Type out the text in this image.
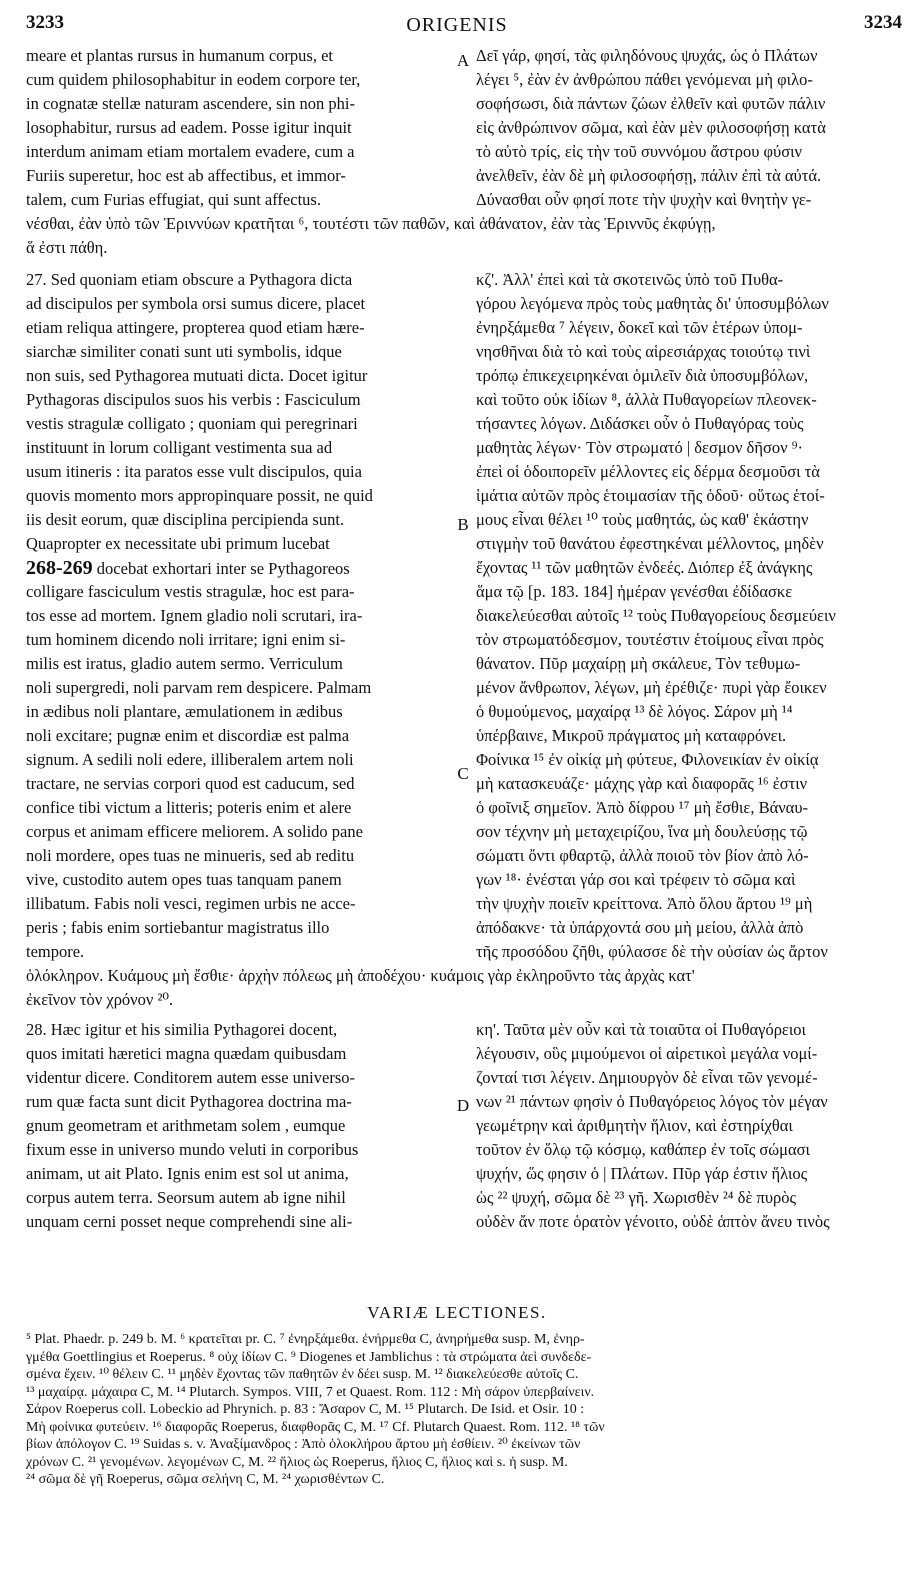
3233	ORIGENIS	3234
meare et plantas rursus in humanum corpus, et
cum quidem philosophabitur in eodem corpore ter,
in cognatæ stellæ naturam ascendere, sin non phi-
losophabitur, rursus ad eadem. Posse igitur inquit
interdum animam etiam mortalem evadere, cum a
Furiis superetur, hoc est ab affectibus, et immor-
talem, cum Furias effugiat, qui sunt affectus.
Δεῖ γάρ, φησί, τὰς φιληδόνους ψυχάς, ὡς ὁ Πλάτων
λέγει ⁵, ἐὰν ἐν ἀνθρώπου πάθει γενόμεναι μὴ φιλο-
σοφήσωσι, διὰ πάντων ζώων ἐλθεῖν καὶ φυτῶν πάλιν
εἰς ἀνθρώπινον σῶμα, καὶ ἐὰν μὲν φιλοσοφήσῃ κατὰ
τὸ αὐτὸ τρίς, εἰς τὴν τοῦ συννόμου ἄστρου φύσιν
ἀνελθεῖν, ἐὰν δὲ μὴ φιλοσοφήσῃ, πάλιν ἐπὶ τὰ αὐτά.
Δύνασθαι οὖν φησί ποτε τὴν ψυχὴν καὶ θνητὴν γε-
νέσθαι, ἐὰν ὑπὸ τῶν Ἐριννύων κρατῆται ⁶, τουτέστι τῶν παθῶν, καὶ ἀθάνατον, ἐὰν τὰς Ἐριννῦς ἐκφύγῃ,
ἅ ἐστι πάθη.
27. Sed quoniam etiam obscure a Pythagora dicta
ad discipulos per symbola orsi sumus dicere, placet
etiam reliqua attingere, propterea quod etiam hære-
siarchæ similiter conati sunt uti symbolis, idque
non suis, sed Pythagorea mutuati dicta. Docet igitur
Pythagoras discipulos suos his verbis : Fasciculum
vestis stragulæ colligato ; quoniam qui peregrinari
instituunt in lorum colligant vestimenta sua ad
usum itineris : ita paratos esse vult discipulos, quia
quovis momento mors appropinquare possit, ne quid
iis desit eorum, quæ disciplina percipienda sunt.
Quapropter ex necessitate ubi primum lucebat
268-269 docebat exhortari inter se Pythagoreos
colligare fasciculum vestis stragulæ, hoc est para-
tos esse ad mortem. Ignem gladio noli scrutari, ira-
tum hominem dicendo noli irritare; igni enim si-
milis est iratus, gladio autem sermo. Verriculum
noli supergredi, noli parvam rem despicere. Palmam
in ædibus noli plantare, æmulationem in ædibus
noli excitare; pugnæ enim et discordiæ est palma
signum. A sedili noli edere, illiberalem artem noli
tractare, ne servias corpori quod est caducum, sed
confice tibi victum a litteris; poteris enim et alere
corpus et animam efficere meliorem. A solido pane
noli mordere, opes tuas ne minueris, sed ab reditu
vive, custodito autem opes tuas tanquam panem
illibatum. Fabis noli vesci, regimen urbis ne acce-
peris ; fabis enim sortiebantur magistratus illo
tempore.
κζ'. Ἀλλ' ἐπεὶ καὶ τὰ σκοτεινῶς ὑπὸ τοῦ Πυθα-
γόρου λεγόμενα πρὸς τοὺς μαθητὰς δι' ὑποσυμβόλων
ἐνηρξάμεθα ⁷ λέγειν, δοκεῖ καὶ τῶν ἑτέρων ὑπομ-
νησθῆναι διὰ τὸ καὶ τοὺς αἱρεσιάρχας τοιούτῳ τινὶ
τρόπῳ ἐπικεχειρηκέναι ὁμιλεῖν διὰ ὑποσυμβόλων,
καὶ τοῦτο οὐκ ἰδίων ⁸, ἀλλὰ Πυθαγορείων πλεονεκ-
τήσαντες λόγων. Διδάσκει οὖν ὁ Πυθαγόρας τοὺς
μαθητὰς λέγων· Τὸν στρωματό | δεσμον δῆσον ⁹·
ἐπεὶ οἱ ὁδοιπορεῖν μέλλοντες εἰς δέρμα δεσμοῦσι τὰ
ἱμάτια αὐτῶν πρὸς ἑτοιμασίαν τῆς ὁδοῦ· οὕτως ἑτοί-
μους εἶναι θέλει ¹⁰ τοὺς μαθητάς, ὡς καθ' ἑκάστην
στιγμὴν τοῦ θανάτου ἐφεστηκέναι μέλλοντος, μηδὲν
ἔχοντας ¹¹ τῶν μαθητῶν ἐνδεές. Διόπερ ἐξ ἀνάγκης
ἅμα τῷ [p. 183. 184] ἡμέραν γενέσθαι ἐδίδασκε
διακελεύεσθαι αὐτοῖς ¹² τοὺς Πυθαγορείους δεσμεύειν
τὸν στρωματόδεσμον, τουτέστιν ἑτοίμους εἶναι πρὸς
θάνατον. Πῦρ μαχαίρῃ μὴ σκάλευε, Τὸν τεθυμω-
μένον ἄνθρωπον, λέγων, μὴ ἐρέθιζε· πυρὶ γὰρ ἔοικεν
ὁ θυμούμενος, μαχαίρᾳ ¹³ δὲ λόγος. Σάρον μὴ ¹⁴
ὑπέρβαινε, Μικροῦ πράγματος μὴ καταφρόνει.
Φοίνικα ¹⁵ ἐν οἰκίᾳ μὴ φύτευε, Φιλονεικίαν ἐν οἰκίᾳ
μὴ κατασκευάζε· μάχης γὰρ καὶ διαφορᾶς ¹⁶ ἐστιν
ὁ φοῖνιξ σημεῖον. Ἀπὸ δίφρου ¹⁷ μὴ ἔσθιε, Βάναυ-
σον τέχνην μὴ μεταχειρίζου, ἵνα μὴ δουλεύσῃς τῷ
σώματι ὄντι φθαρτῷ, ἀλλὰ ποιοῦ τὸν βίον ἀπὸ λό-
γων ¹⁸· ἐνέσται γάρ σοι καὶ τρέφειν τὸ σῶμα καὶ
τὴν ψυχὴν ποιεῖν κρείττονα. Ἀπὸ ὅλου ἄρτου ¹⁹ μὴ
ἀπόδακνε· τὰ ὑπάρχοντά σου μὴ μείου, ἀλλὰ ἀπὸ
τῆς προσόδου ζῆθι, φύλασσε δὲ τὴν οὐσίαν ὡς ἄρτον
ὁλόκληρον. Κυάμους μὴ ἔσθιε· ἀρχὴν πόλεως μὴ ἀποδέχου· κυάμοις γὰρ ἐκληροῦντο τὰς ἀρχὰς κατ'
ἐκεῖνον τὸν χρόνον ²⁰.
28. Hæc igitur et his similia Pythagorei docent,
quos imitati hæretici magna quædam quibusdam
videntur dicere. Conditorem autem esse universo-
rum quæ facta sunt dicit Pythagorea doctrina ma-
gnum geometram et arithmetam solem , eumque
fixum esse in universo mundo veluti in corporibus
animam, ut ait Plato. Ignis enim est sol ut anima,
corpus autem terra. Seorsum autem ab igne nihil
unquam cerni posset neque comprehendi sine ali-
κη'. Ταῦτα μὲν οὖν καὶ τὰ τοιαῦτα οἱ Πυθαγόρειοι
λέγουσιν, οὓς μιμούμενοι οἱ αἱρετικοὶ μεγάλα νομί-
ζονταί τισι λέγειν. Δημιουργὸν δὲ εἶναι τῶν γενομέ-
νων ²¹ πάντων φησὶν ὁ Πυθαγόρειος λόγος τὸν μέγαν
γεωμέτρην καὶ ἀριθμητὴν ἥλιον, καὶ ἐστηρίχθαι
τοῦτον ἐν ὅλῳ τῷ κόσμῳ, καθάπερ ἐν τοῖς σώμασι
ψυχήν, ὥς φησιν ὁ | Πλάτων. Πῦρ γάρ ἐστιν ἥλιος
ὡς ²² ψυχή, σῶμα δὲ ²³ γῆ. Χωρισθὲν ²⁴ δὲ πυρὸς
οὐδὲν ἄν ποτε ὁρατὸν γένοιτο, οὐδὲ ἁπτὸν ἄνευ τινὸς
A
B
C
D
VARIÆ LECTIONES.
⁵ Plat. Phaedr. p. 249 b. M. ⁶ κρατεῖται pr. C. ⁷ ἐνηρξάμεθα. ἐνήρμεθα C, ἀνηρήμεθα susp. M, ἐνηρ-
γμέθα Goettlingius et Roeperus. ⁸ οὐχ ἰδίων C. ⁹ Diogenes et Jamblichus : τὰ στρώματα ἀεὶ συνδεδε-
σμένα ἔχειν. ¹⁰ θέλειν C. ¹¹ μηδὲν ἔχοντας τῶν παθητῶν ἐν δέει susp. M. ¹² διακελεύεσθε αὐτοῖς C.
¹³ μαχαίρᾳ. μάχαιρα C, M. ¹⁴ Plutarch. Sympos. VIII, 7 et Quaest. Rom. 112 : Μὴ σάρον ὑπερβαίνειν.
Σάρον Roeperus coll. Lobeckio ad Phrynich. p. 83 : Ἄσαρον C, M. ¹⁵ Plutarch. De Isid. et Osir. 10 :
Μὴ φοίνικα φυτεύειν. ¹⁶ διαφορᾶς Roeperus, διαφθορᾶς C, M. ¹⁷ Cf. Plutarch Quaest. Rom. 112. ¹⁸ τῶν
βίων ἀπόλογον C. ¹⁹ Suidas s. v. Ἀναξίμανδρος : Ἀπὸ ὁλοκλήρου ἄρτου μὴ ἐσθίειν. ²⁰ ἐκείνων τῶν
χρόνων C. ²¹ γενομένων. λεγομένων C, M. ²² ἥλιος ὡς Roeperus, ἥλιος C, ἥλιος καὶ s. ἡ susp. M.
²⁴ σῶμα δὲ γῆ Roeperus, σῶμα σελήνη C, M. ²⁴ χωρισθέντων C.
